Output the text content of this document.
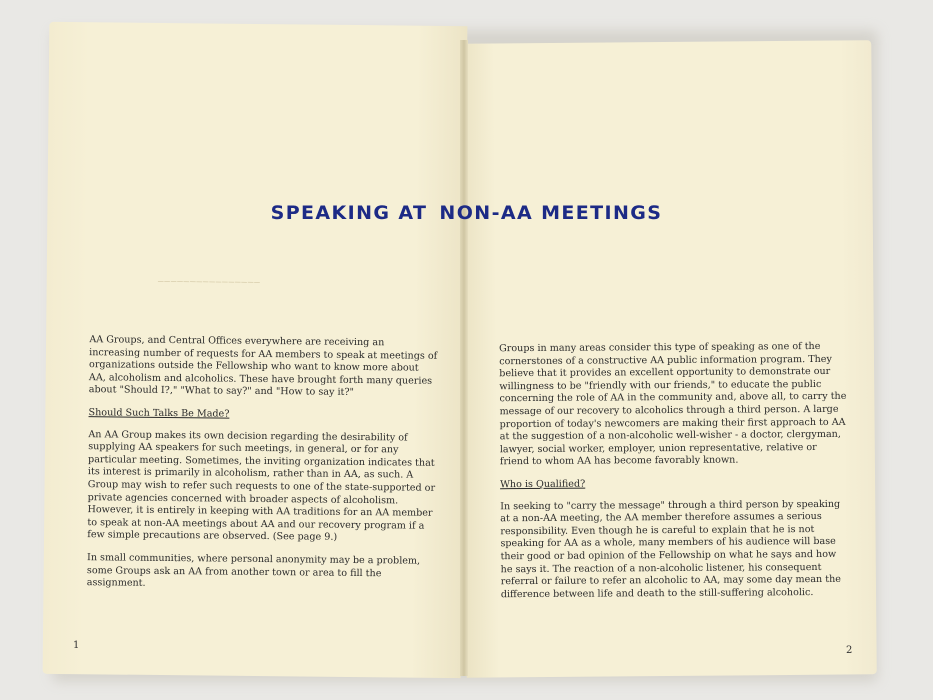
────────────────
SPEAKING AT NON-AA MEETINGS

AA Groups, and Central Offices everywhere are receiving an increasing number of requests for AA members to speak at meetings of organizations outside the Fellowship who want to know more about AA, alcoholism and alcoholics. These have brought forth many queries about "Should I?," "What to say?" and "How to say it?"

Should Such Talks Be Made?

An AA Group makes its own decision regarding the desirability of supplying AA speakers for such meetings, in general, or for any particular meeting. Sometimes, the inviting organization indicates that its interest is primarily in alcoholism, rather than in AA, as such. A Group may wish to refer such requests to one of the state-supported or private agencies concerned with broader aspects of alcoholism. However, it is entirely in keeping with AA traditions for an AA member to speak at non-AA meetings about AA and our recovery program if a few simple precautions are observed. (See page 9.)

In small communities, where personal anonymity may be a problem, some Groups ask an AA from another town or area to fill the assignment.

Groups in many areas consider this type of speaking as one of the cornerstones of a constructive AA public information program. They believe that it provides an excellent opportunity to demonstrate our willingness to be "friendly with our friends," to educate the public concerning the role of AA in the community and, above all, to carry the message of our recovery to alcoholics through a third person. A large proportion of today's newcomers are making their first approach to AA at the suggestion of a non-alcoholic well-wisher - a doctor, clergyman, lawyer, social worker, employer, union representative, relative or friend to whom AA has become favorably known.

Who is Qualified?

In seeking to "carry the message" through a third person by speaking at a non-AA meeting, the AA member therefore assumes a serious responsibility. Even though he is careful to explain that he is not speaking for AA as a whole, many members of his audience will base their good or bad opinion of the Fellowship on what he says and how he says it. The reaction of a non-alcoholic listener, his consequent referral or failure to refer an alcoholic to AA, may some day mean the difference between life and death to the still-suffering alcoholic.

1	2
